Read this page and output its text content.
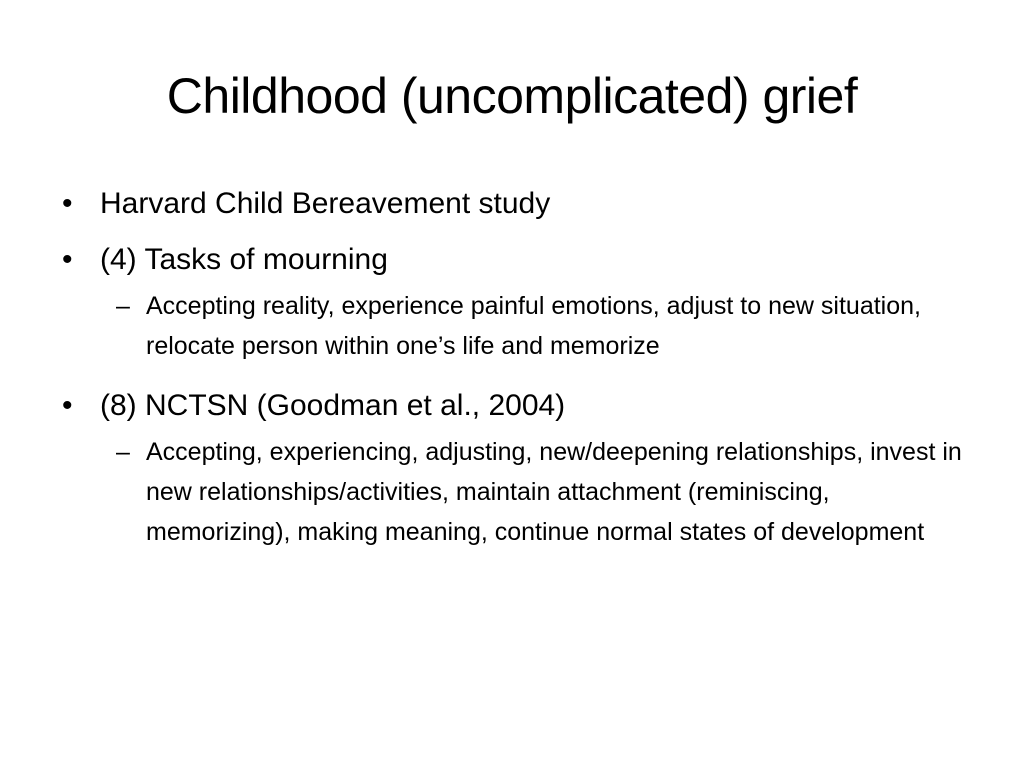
Childhood (uncomplicated) grief
• Harvard Child Bereavement study
• (4) Tasks of mourning
– Accepting reality, experience painful emotions, adjust to new situation, relocate person within one’s life and memorize
• (8) NCTSN (Goodman et al., 2004)
– Accepting, experiencing, adjusting, new/deepening relationships, invest in new relationships/activities, maintain attachment (reminiscing, memorizing), making meaning, continue normal states of development
